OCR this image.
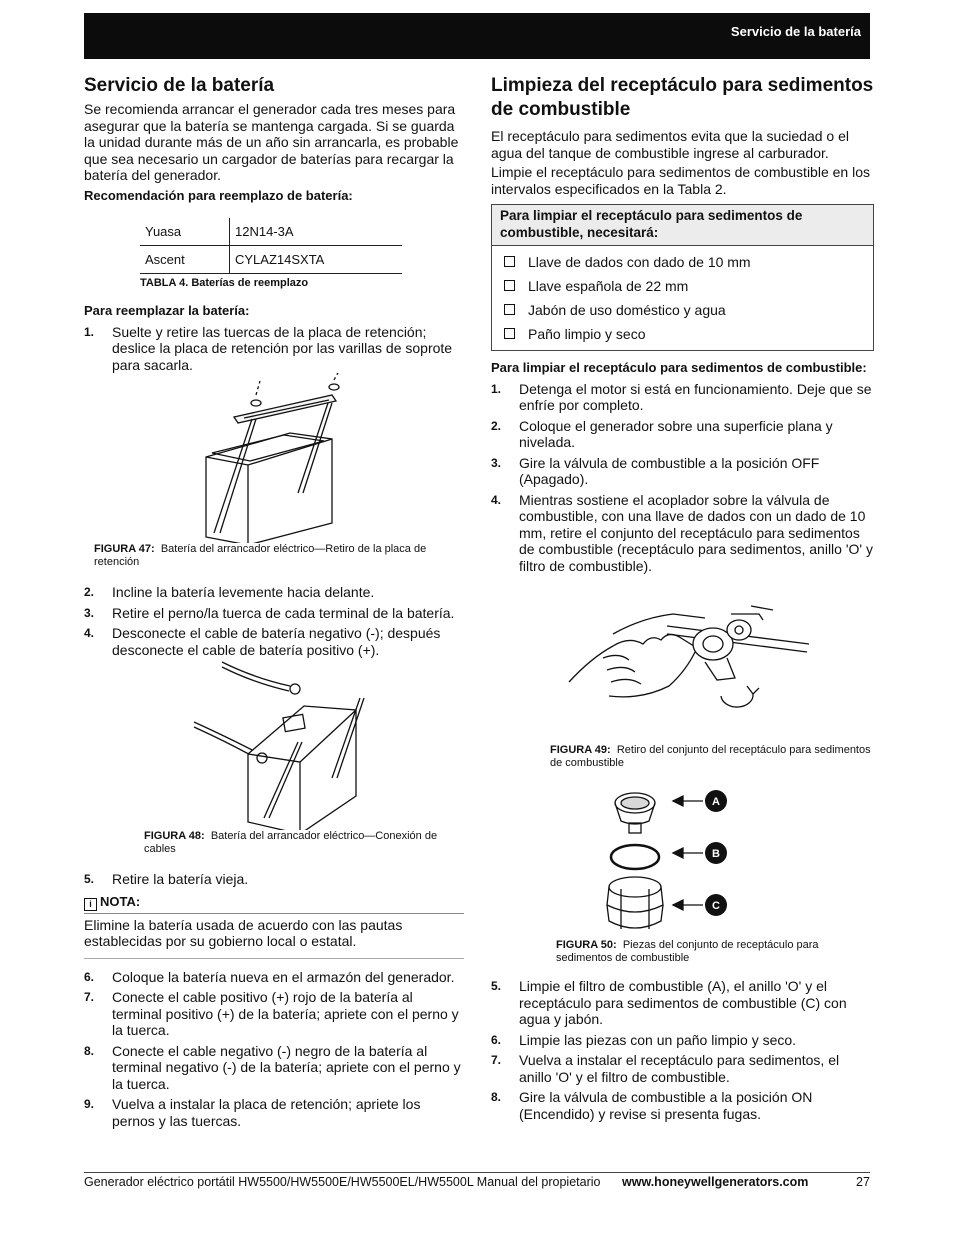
Servicio de la batería
Servicio de la batería

Se recomienda arrancar el generador cada tres meses para asegurar que la batería se mantenga cargada. Si se guarda la unidad durante más de un año sin arrancarla, es probable que sea necesario un cargador de baterías para recargar la batería del generador.

Recomendación para reemplazo de batería:
Yuasa	12N14-3A
Ascent	CYLAZ14SXTA
TABLA 4. Baterías de reemplazo
Para reemplazar la batería:
1. Suelte y retire las tuercas de la placa de retención; deslice la placa de retención por las varillas de soprote para sacarla.
FIGURA 47: Batería del arrancador eléctrico—Retiro de la placa de retención
2. Incline la batería levemente hacia delante.
3. Retire el perno/la tuerca de cada terminal de la batería.
4. Desconecte el cable de batería negativo (-); después desconecte el cable de batería positivo (+).
FIGURA 48: Batería del arrancador eléctrico—Conexión de cables
5. Retire la batería vieja.
i NOTA:
Elimine la batería usada de acuerdo con las pautas establecidas por su gobierno local o estatal.
6. Coloque la batería nueva en el armazón del generador.
7. Conecte el cable positivo (+) rojo de la batería al terminal positivo (+) de la batería; apriete con el perno y la tuerca.
8. Conecte el cable negativo (-) negro de la batería al terminal negativo (-) de la batería; apriete con el perno y la tuerca.
9. Vuelva a instalar la placa de retención; apriete los pernos y las tuercas.
Limpieza del receptáculo para sedimentos de combustible

El receptáculo para sedimentos evita que la suciedad o el agua del tanque de combustible ingrese al carburador.

Limpie el receptáculo para sedimentos de combustible en los intervalos especificados en la Tabla 2.

Para limpiar el receptáculo para sedimentos de combustible, necesitará:
Llave de dados con dado de 10 mm
Llave española de 22 mm
Jabón de uso doméstico y agua
Paño limpio y seco
Para limpiar el receptáculo para sedimentos de combustible:
1. Detenga el motor si está en funcionamiento. Deje que se enfríe por completo.
2. Coloque el generador sobre una superficie plana y nivelada.
3. Gire la válvula de combustible a la posición OFF (Apagado).
4. Mientras sostiene el acoplador sobre la válvula de combustible, con una llave de dados con un dado de 10 mm, retire el conjunto del receptáculo para sedimentos de combustible (receptáculo para sedimentos, anillo 'O' y filtro de combustible).
FIGURA 49: Retiro del conjunto del receptáculo para sedimentos de combustible
A
B
C
FIGURA 50: Piezas del conjunto de receptáculo para sedimentos de combustible
5. Limpie el filtro de combustible (A), el anillo 'O' y el receptáculo para sedimentos de combustible (C) con agua y jabón.
6. Limpie las piezas con un paño limpio y seco.
7. Vuelva a instalar el receptáculo para sedimentos, el anillo 'O' y el filtro de combustible.
8. Gire la válvula de combustible a la posición ON (Encendido) y revise si presenta fugas.
Generador eléctrico portátil HW5500/HW5500E/HW5500EL/HW5500L Manual del propietario www.honeywellgenerators.com	27
